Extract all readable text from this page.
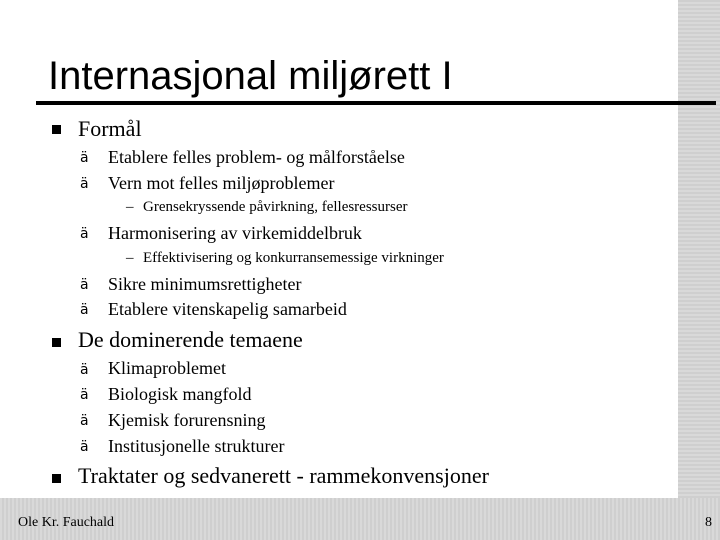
Internasjonal miljørett I
Formål
ä Etablere felles problem- og målforståelse
ä Vern mot felles miljøproblemer
– Grensekryssende påvirkning, fellesressurser
ä Harmonisering av virkemiddelbruk
– Effektivisering og konkurransemessige virkninger
ä Sikre minimumsrettigheter
ä Etablere vitenskapelig samarbeid
De dominerende temaene
ä Klimaproblemet
ä Biologisk mangfold
ä Kjemisk forurensning
ä Institusjonelle strukturer
Traktater og sedvanerett - rammekonvensjoner
Ole Kr. Fauchald	8
